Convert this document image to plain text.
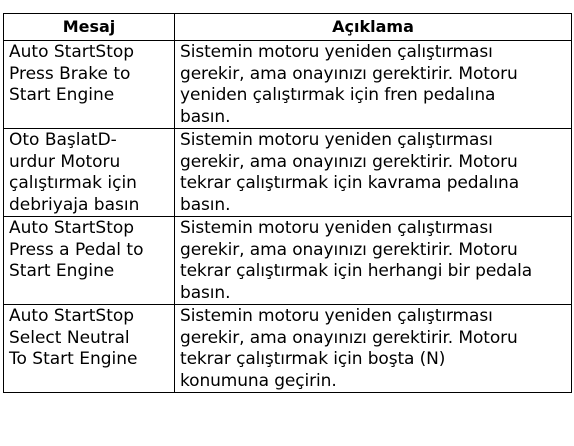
Mesaj	Açıklama

Auto StartStop
Press Brake to
Start Engine	Sistemin motoru yeniden çalıştırması
gerekir, ama onayınızı gerektirir. Motoru
yeniden çalıştırmak için fren pedalına
basın.

Oto BaşlatD-
urdur Motoru
çalıştırmak için
debriyaja basın	Sistemin motoru yeniden çalıştırması
gerekir, ama onayınızı gerektirir. Motoru
tekrar çalıştırmak için kavrama pedalına
basın.

Auto StartStop
Press a Pedal to
Start Engine	Sistemin motoru yeniden çalıştırması
gerekir, ama onayınızı gerektirir. Motoru
tekrar çalıştırmak için herhangi bir pedala
basın.

Auto StartStop
Select Neutral
To Start Engine	Sistemin motoru yeniden çalıştırması
gerekir, ama onayınızı gerektirir. Motoru
tekrar çalıştırmak için boşta (N)
konumuna geçirin.
